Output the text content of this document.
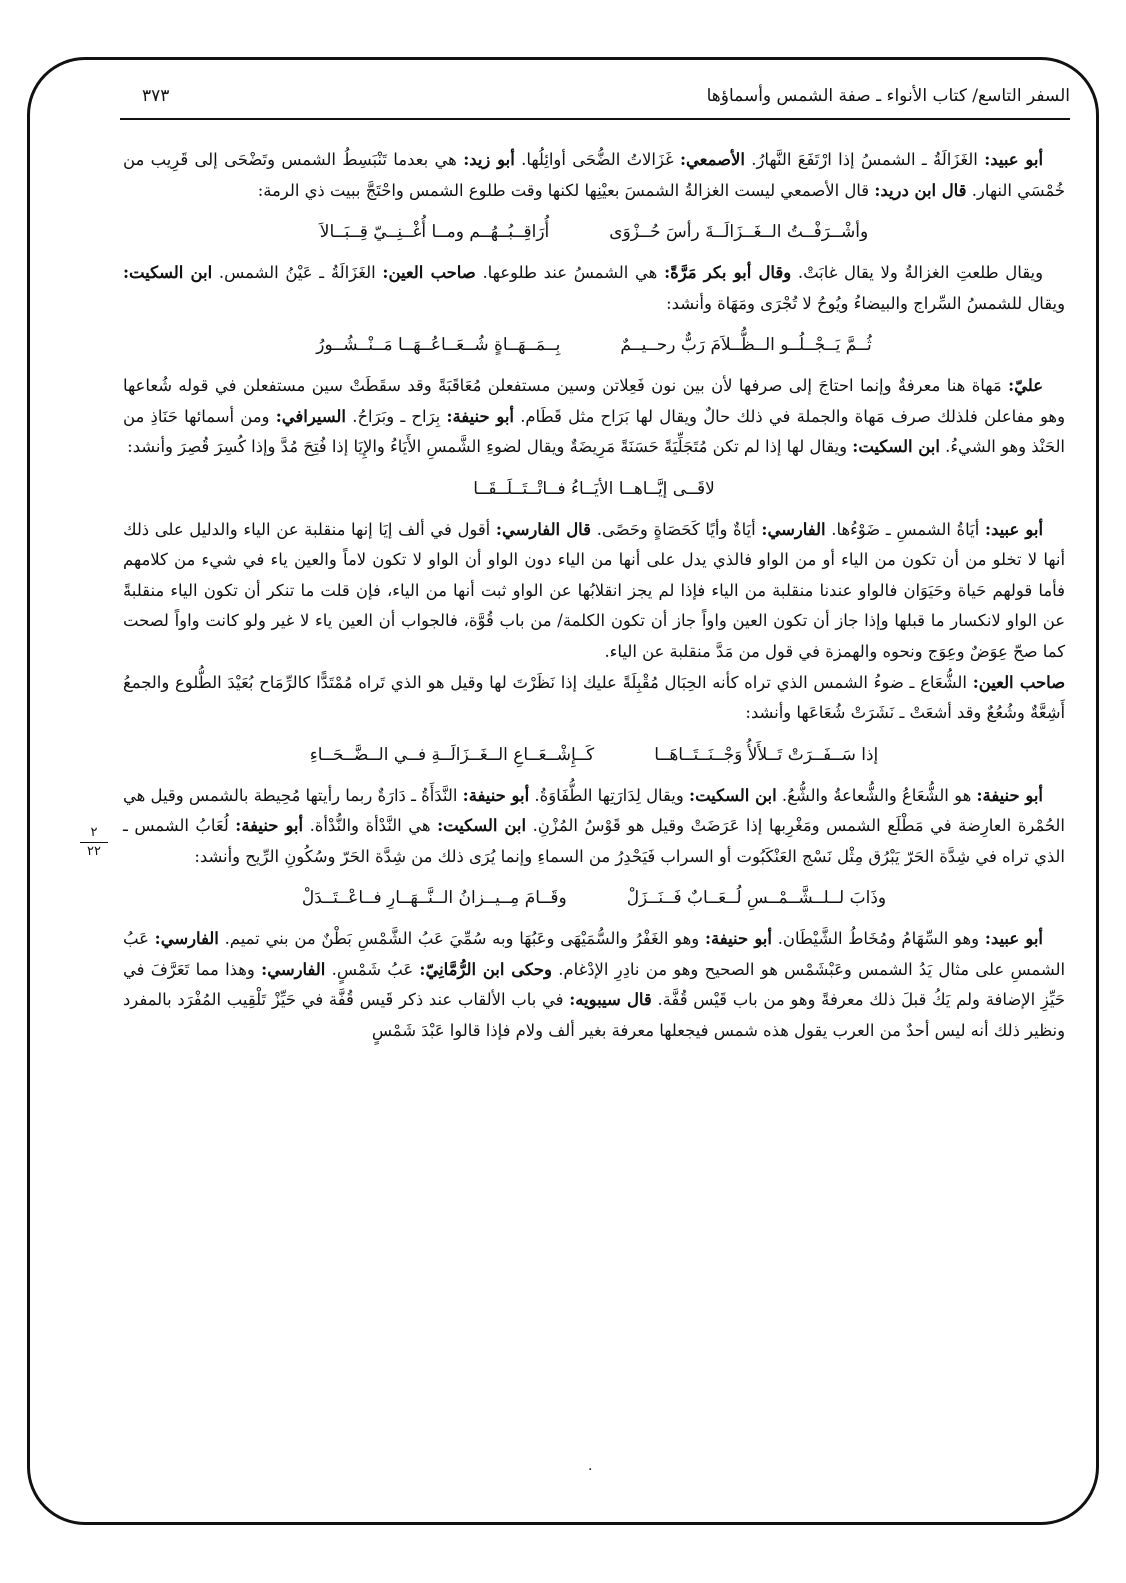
السفر التاسع/ كتاب الأنواء ـ صفة الشمس وأسماؤها
٣٧٣
٢
٢٢

أبو عبيد: الغَزَالَةُ ـ الشمسُ إذا ارْتَفَعَ النَّهارُ. الأصمعي: غَزَالاتُ الضُّحَى أوائِلُها. أبو زيد: هي بعدما تَنْبَسِطُ الشمس وتَضْحَى إلى قَرِيب من خُمْسَي النهار. قال ابن دريد: قال الأصمعي ليست الغزالةُ الشمسَ بعيْنِها لكنها وقت طلوع الشمس واحْتَجَّ ببيت ذي الرمة:

وأشْــرَفْــتُ الــغَــزَالَــةَ رأسَ حُــزْوَى
أُرَاقِــبُــهُــم ومــا أُغْــنِــيّ قِــبَــالاَ

ويقال طلعتِ الغزالةُ ولا يقال غابَتْ. وقال أبو بكر مَرَّةً: هي الشمسُ عند طلوعها. صاحب العين: الغَزَالَةُ ـ عَيْنُ الشمس. ابن السكيت: ويقال للشمسُ السِّراج والبيضاءُ ويُوحُ لا تُجْرَى ومَهَاة وأنشد:

ثُــمَّ يَــجْــلُــو الــظُّــلاَمَ رَبٌّ رحــيــمٌ
بِــمَــهَــاةٍ شُــعَــاعُــهَــا مَــنْــشُــورُ

عليّ: مَهاة هنا معرفةٌ وإنما احتاجَ إلى صرفها لأن بين نون فَعِلاتن وسين مستفعلن مُعَاقَبَةً وقد سقَطَتْ سين مستفعلن في قوله شُعاعها وهو مفاعلن فلذلك صرف مَهاة والجملة في ذلك حالٌ ويقال لها بَرَاح مثل قَطَام. أبو حنيفة: بِرَاح ـ وبَرَاحُ. السيرافي: ومن أسمائها حَنَاذِ من الحَنْذ وهو الشيءُ. ابن السكيت: ويقال لها إذا لم تكن مُتَجَلِّيَةً حَسَنَةً مَرِيضَةٌ ويقال لضوءِ الشَّمسِ الأَيَاءُ والإِيَا إذا فُتِحَ مُدَّ وإذا كُسِرَ قُصِرَ وأنشد:

لاقَــى إيَّــاهــا الأيَــاءُ فــاتْــتَــلَــقَــا

أبو عبيد: أيَاةُ الشمسِ ـ ضَوْءُها. الفارسي: أيَاةٌ وأيًا كَحَصَاةٍ وحَصًى. قال الفارسي: أقول في ألف إيَا إنها منقلبة عن الياء والدليل على ذلك أنها لا تخلو من أن تكون من الياء أو من الواو فالذي يدل على أنها من الياء دون الواو أن الواو لا تكون لاماً والعين ياء في شيء من كلامهم فأما قولهم حَياة وحَيَوَان فالواو عندنا منقلبة من الياء فإذا لم يجز انقلابُها عن الواو ثبت أنها من الياء، فإن قلت ما تنكر أن تكون الياء منقلبةً عن الواو لانكسار ما قبلها وإذا جاز أن تكون العين واواً جاز أن تكون الكلمة/ من باب قُوَّة، فالجواب أن العين ياء لا غير ولو كانت واواً لصحت كما صحّ عِوَضٌ وعِوَج ونحوه والهمزة في قول من مَدَّ منقلبة عن الياء.

صاحب العين: الشُّعَاع ـ ضوءُ الشمس الذي تراه كأنه الحِبَال مُقْبِلَةً عليك إذا نَظَرْتَ لها وقيل هو الذي تَراه مُمْتَدًّا كالرِّمَاح بُعَيْدَ الطُّلوع والجمعُ أَشِعَّةٌ وشُعُعٌ وقد أشعَتْ ـ نَشَرَتْ شُعَاعَها وأنشد:

إذا سَــفَــرَتْ تَــلأَلأُ وَجْــنَــتَــاهَــا
كَــإِشْــعَــاعِ الــغَــزَالَــةِ فــي الــضَّــحَــاءِ

أبو حنيفة: هو الشُّعَاعُ والشُّعاعةُ والشُّعُ. ابن السكيت: ويقال لِدَارَتِها الطُّفَاوَةُ. أبو حنيفة: النَّدَأَةُ ـ دَارَةٌ ربما رأيتها مُحِيطة بالشمس وقيل هي الحُمْرة العارِضة في مَطْلَع الشمس ومَغْرِبها إذا عَرَضَتْ وقيل هو قَوْسُ المُزْنِ. ابن السكيت: هي النَّدْأة والنُّدْأة. أبو حنيفة: لُعَابُ الشمس ـ الذي تراه في شِدَّة الحَرّ يَبْرُق مِثْل نَسْج العَنْكَبُوت أو السراب فَيَحْدِرُ من السماءِ وإنما يُرَى ذلك من شِدَّة الحَرّ وسُكُونِ الرِّيح وأنشد:

وذَابَ لــلــشَّــمْــسِ لُــعَــابٌ فَــنَــزَلْ
وقَــامَ مِــيــزانُ الــنَّــهَــارِ فــاعْــتَــدَلْ

أبو عبيد: وهو السِّهَامُ ومُخَاطُ الشَّيْطَان. أبو حنيفة: وهو الغَفْرُ والسُّمَيْهَى وعَبُهَا وبه سُمِّيَ عَبُ الشَّمْسِ بَطْنٌ من بني تميم. الفارسي: عَبُ الشمسِ على مثال يَدُ الشمس وعَبْشَمْس هو الصحيح وهو من نادِرِ الإدْغام. وحكى ابن الرُّمَّانِيّ: عَبُ شَمْسٍ. الفارسي: وهذا مما تَعَرَّفَ في حَيِّزِ الإضافة ولم يَكُ قبلَ ذلك معرفةً وهو من باب قَيْس قُفَّة. قال سيبويه: في باب الألقاب عند ذكر قَيس قُفَّة في حَيِّزْ تَلْقِيب المُفْرَد بالمفرد ونظير ذلك أنه ليس أحدٌ من العرب يقول هذه شمس فيجعلها معرفة بغير ألف ولام فإذا قالوا عَبْدَ شَمْسٍ

.
